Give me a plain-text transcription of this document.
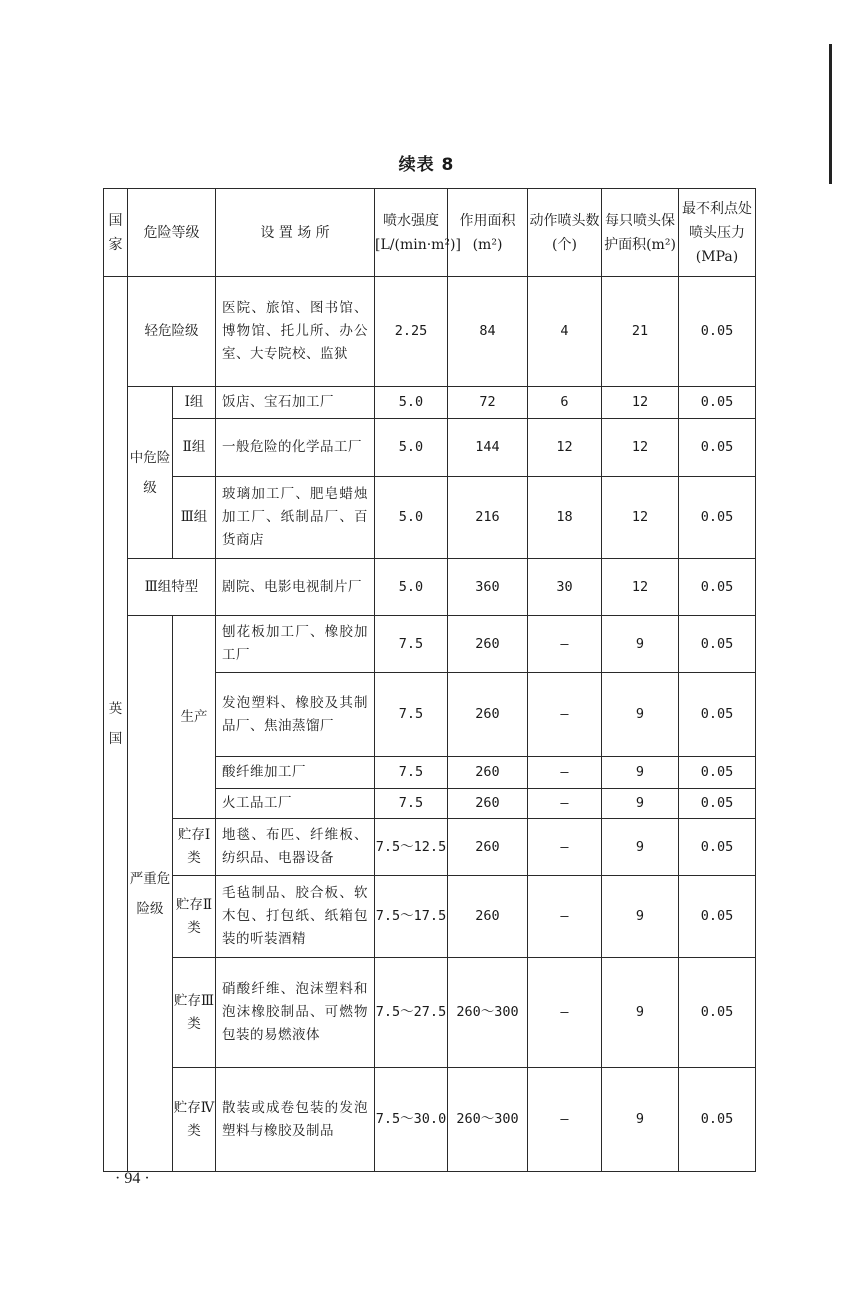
续表 8
国家	危险等级		设 置 场 所	喷水强度[L/(min·m²)]	作用面积(m²)	动作喷头数(个)	每只喷头保护面积(m²)	最不利点处喷头压力(MPa)
英国	轻危险级		医院、旅馆、图书馆、博物馆、托儿所、办公室、大专院校、监狱	2.25	84	4	21	0.05
	中危险级	Ⅰ组	饭店、宝石加工厂	5.0	72	6	12	0.05
		Ⅱ组	一般危险的化学品工厂	5.0	144	12	12	0.05
		Ⅲ组	玻璃加工厂、肥皂蜡烛加工厂、纸制品厂、百货商店	5.0	216	18	12	0.05
	Ⅲ组特型		剧院、电影电视制片厂	5.0	360	30	12	0.05
	严重危险级	生产	刨花板加工厂、橡胶加工厂	7.5	260	—	9	0.05
			发泡塑料、橡胶及其制品厂、焦油蒸馏厂	7.5	260	—	9	0.05
			酸纤维加工厂	7.5	260	—	9	0.05
			火工品工厂	7.5	260	—	9	0.05
		贮存Ⅰ类	地毯、布匹、纤维板、纺织品、电器设备	7.5～12.5	260	—	9	0.05
		贮存Ⅱ类	毛毡制品、胶合板、软木包、打包纸、纸箱包装的听装酒精	7.5～17.5	260	—	9	0.05
		贮存Ⅲ类	硝酸纤维、泡沫塑料和泡沫橡胶制品、可燃物包装的易燃液体	7.5～27.5	260～300	—	9	0.05
		贮存Ⅳ类	散装或成卷包装的发泡塑料与橡胶及制品	7.5～30.0	260～300	—	9	0.05
· 94 ·
